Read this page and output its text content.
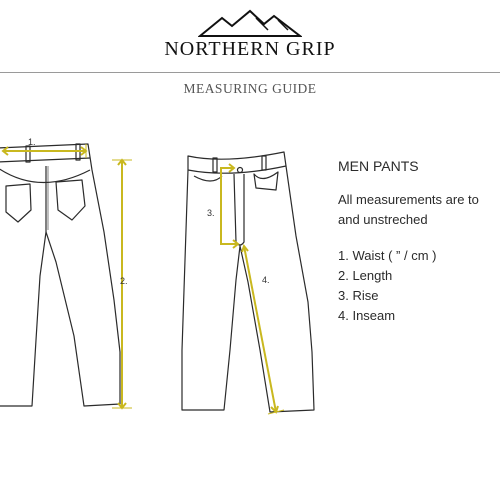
NORTHERN GRIP
MEASURING GUIDE
1.
2.
3.
4.

MEN PANTS

All measurements are to

and unstreched

1. Waist ( ” / cm )
2. Length
3. Rise
4. Inseam
